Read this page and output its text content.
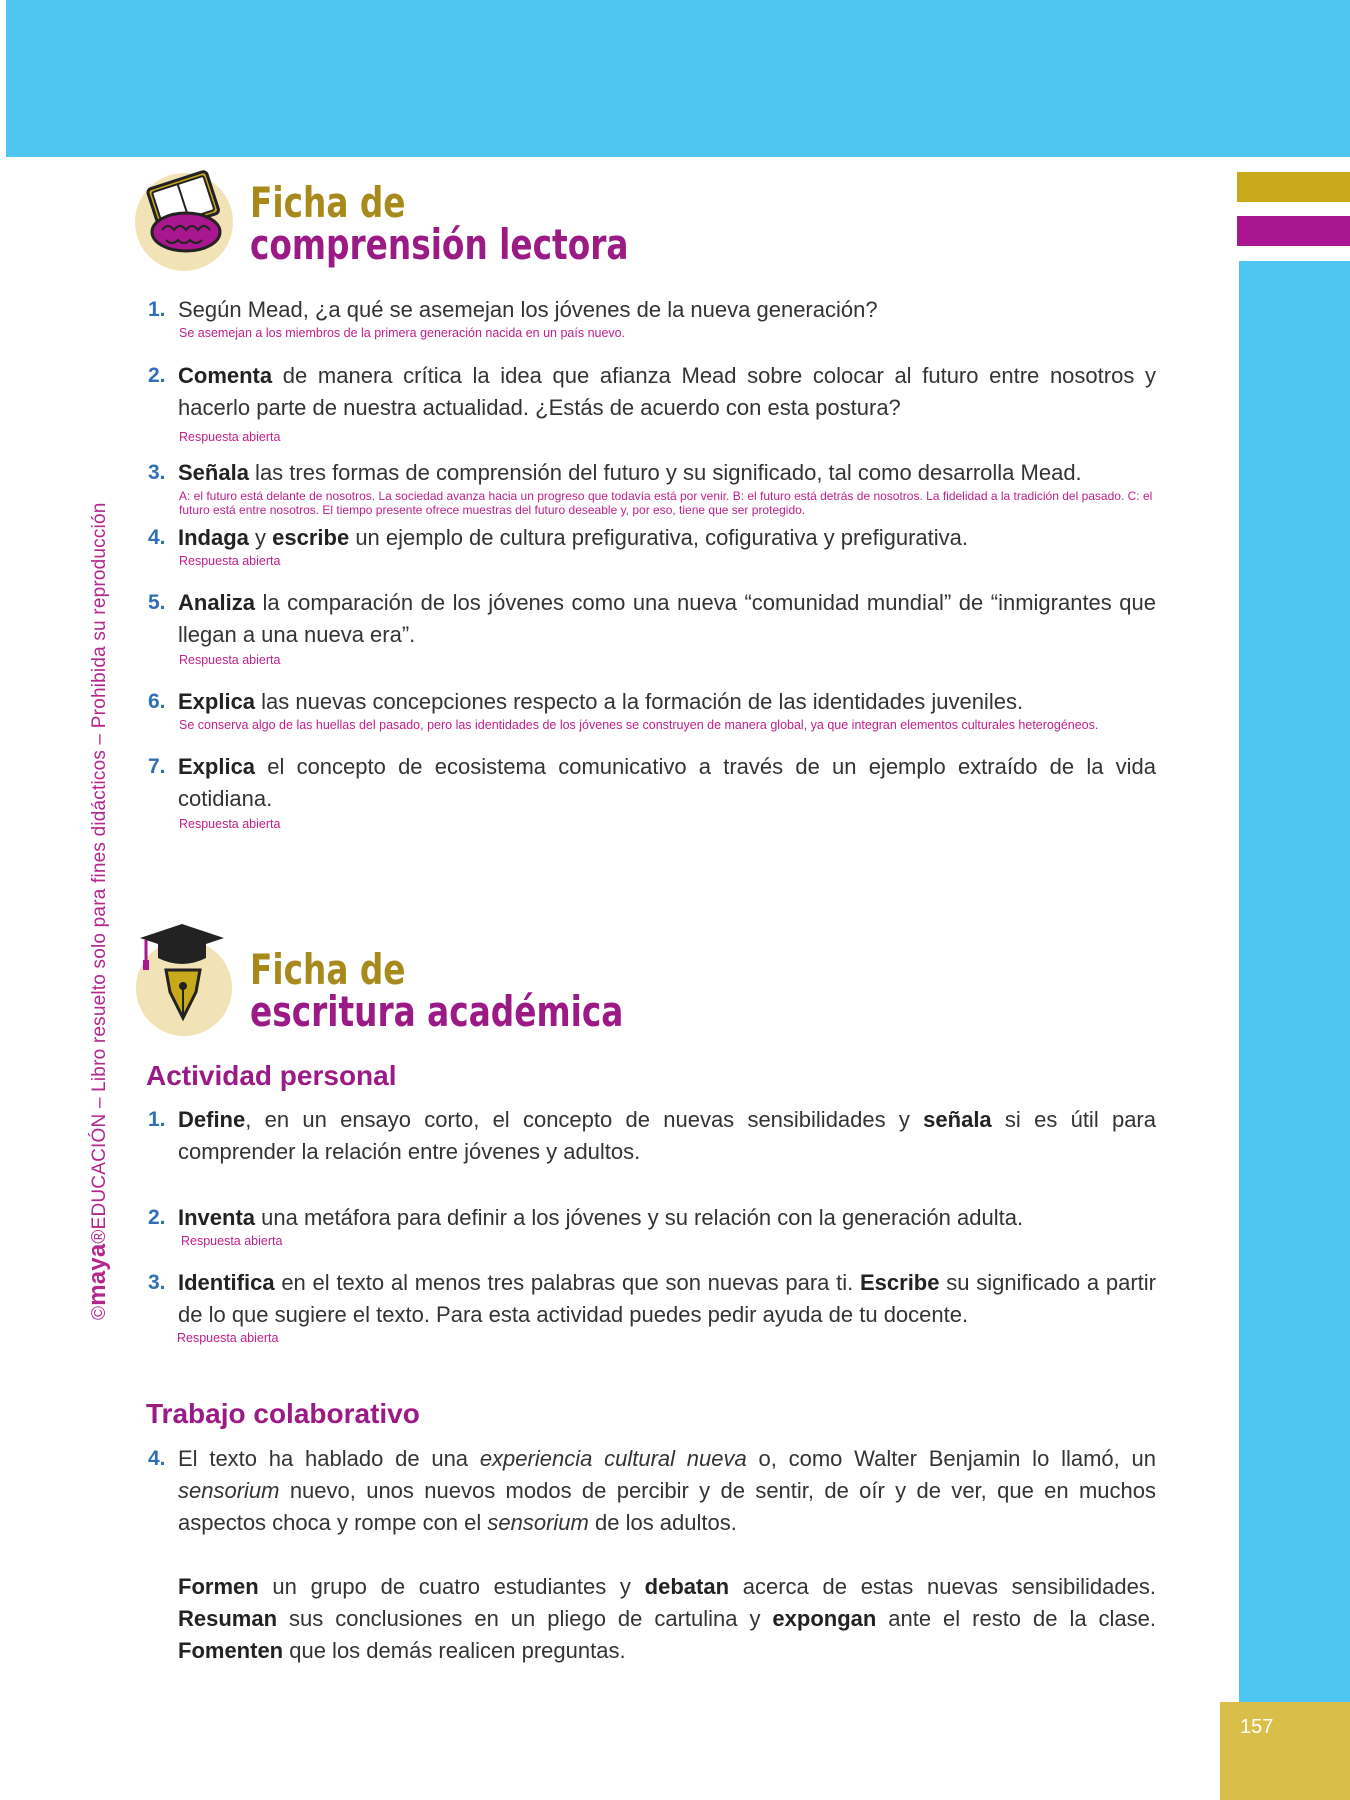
157
©maya®EDUCACIÓN – Libro resuelto solo para fines didácticos – Prohibida su reproducción
Ficha de
comprensión lectora
1. Según Mead, ¿a qué se asemejan los jóvenes de la nueva generación?
Se asemejan a los miembros de la primera generación nacida en un país nuevo.
2. Comenta de manera crítica la idea que afianza Mead sobre colocar al futuro entre nosotros y hacerlo parte de nuestra actualidad. ¿Estás de acuerdo con esta postura?
Respuesta abierta
3. Señala las tres formas de comprensión del futuro y su significado, tal como desarrolla Mead.
A: el futuro está delante de nosotros. La sociedad avanza hacia un progreso que todavía está por venir. B: el futuro está detrás de nosotros. La fidelidad a la tradición del pasado. C: el futuro está entre nosotros. El tiempo presente ofrece muestras del futuro deseable y, por eso, tiene que ser protegido.
4. Indaga y escribe un ejemplo de cultura prefigurativa, cofigurativa y prefigurativa.
Respuesta abierta
5. Analiza la comparación de los jóvenes como una nueva “comunidad mundial” de “inmigrantes que llegan a una nueva era”.
Respuesta abierta
6. Explica las nuevas concepciones respecto a la formación de las identidades juveniles.
Se conserva algo de las huellas del pasado, pero las identidades de los jóvenes se construyen de manera global, ya que integran elementos culturales heterogéneos.
7. Explica el concepto de ecosistema comunicativo a través de un ejemplo extraído de la vida cotidiana.
Respuesta abierta
Ficha de
escritura académica
Actividad personal
1. Define, en un ensayo corto, el concepto de nuevas sensibilidades y señala si es útil para comprender la relación entre jóvenes y adultos.
2. Inventa una metáfora para definir a los jóvenes y su relación con la generación adulta.
Respuesta abierta
3. Identifica en el texto al menos tres palabras que son nuevas para ti. Escribe su significado a partir de lo que sugiere el texto. Para esta actividad puedes pedir ayuda de tu docente.
Respuesta abierta
Trabajo colaborativo
4. El texto ha hablado de una experiencia cultural nueva o, como Walter Benjamin lo llamó, un sensorium nuevo, unos nuevos modos de percibir y de sentir, de oír y de ver, que en muchos aspectos choca y rompe con el sensorium de los adultos.
Formen un grupo de cuatro estudiantes y debatan acerca de estas nuevas sensibilidades. Resuman sus conclusiones en un pliego de cartulina y expongan ante el resto de la clase. Fomenten que los demás realicen preguntas.
